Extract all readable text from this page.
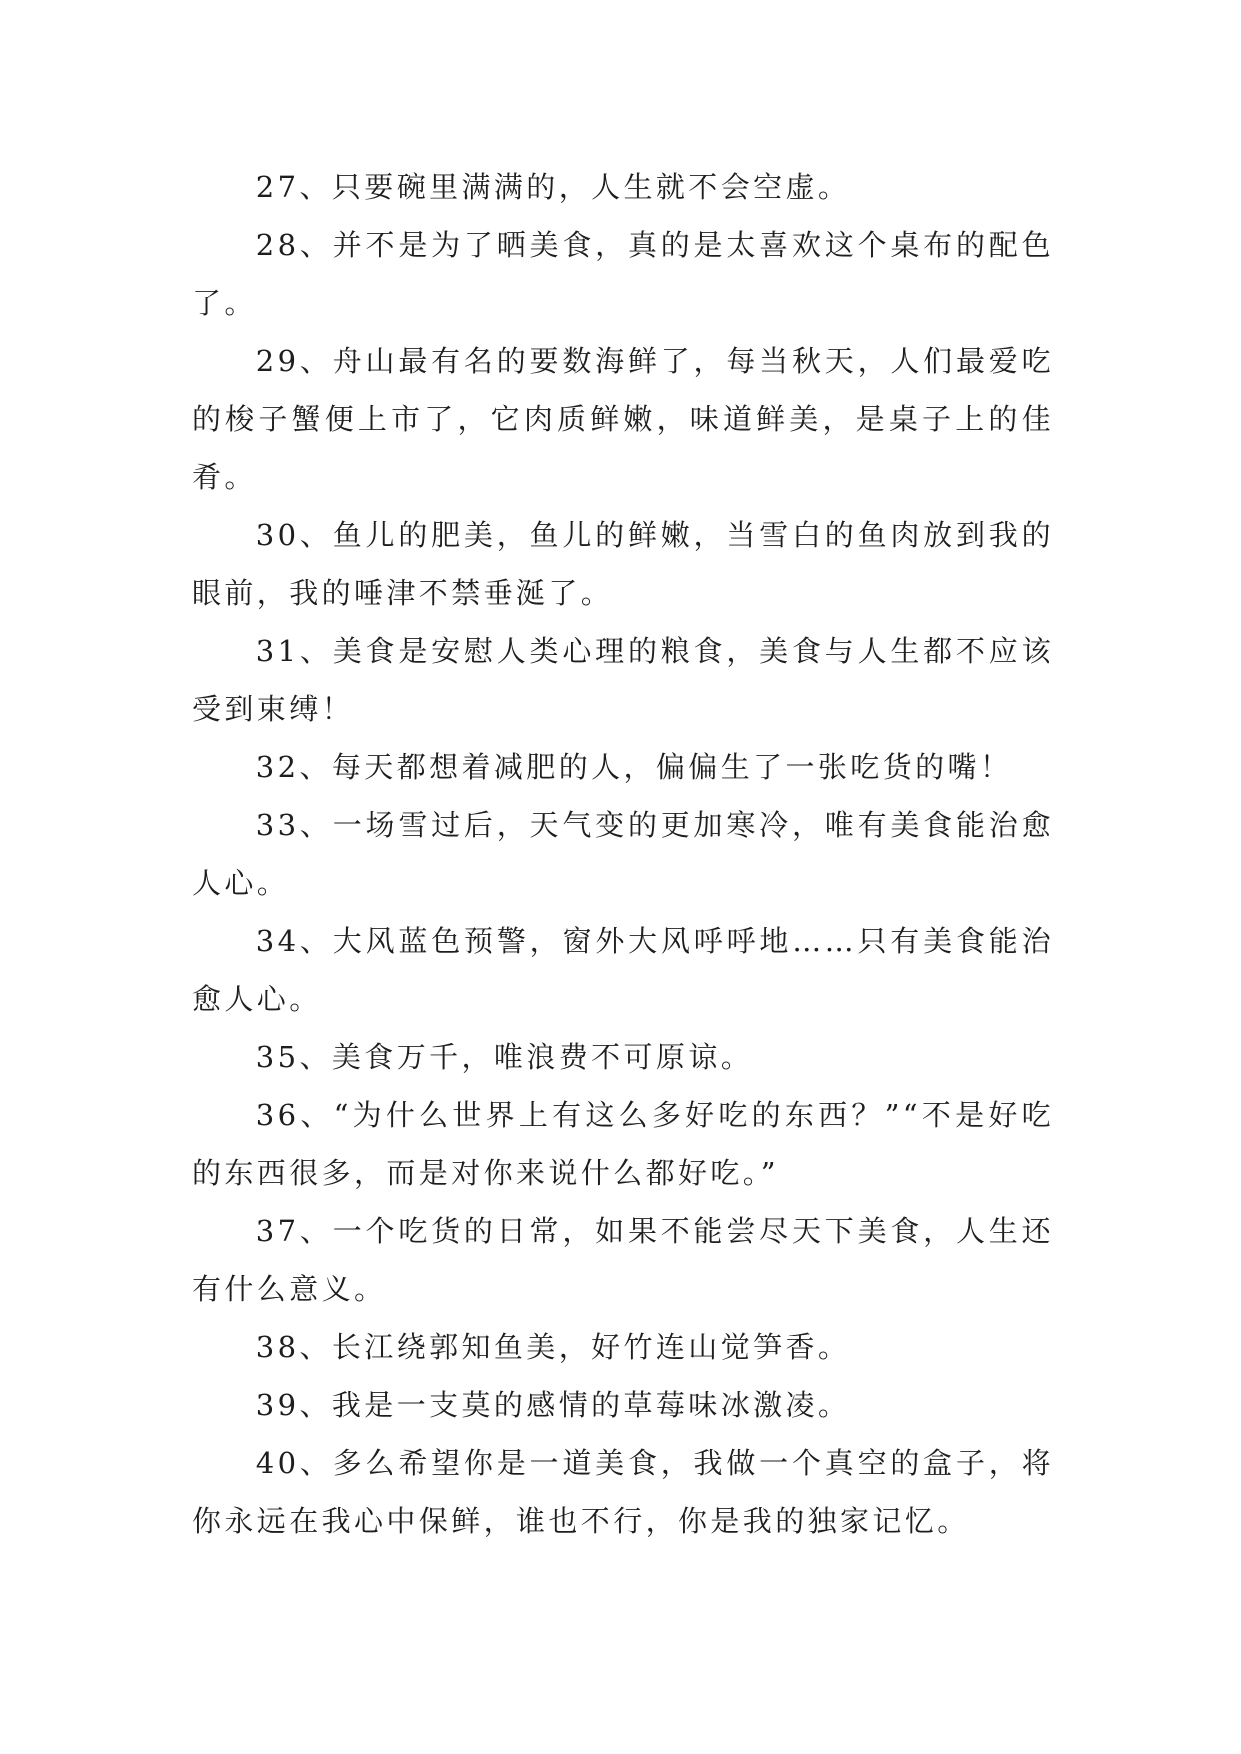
27、只要碗里满满的，人生就不会空虚。

28、并不是为了晒美食，真的是太喜欢这个桌布的配色了。

29、舟山最有名的要数海鲜了，每当秋天，人们最爱吃的梭子蟹便上市了，它肉质鲜嫩，味道鲜美，是桌子上的佳肴。

30、鱼儿的肥美，鱼儿的鲜嫩，当雪白的鱼肉放到我的眼前，我的唾津不禁垂涎了。

31、美食是安慰人类心理的粮食，美食与人生都不应该受到束缚！

32、每天都想着减肥的人，偏偏生了一张吃货的嘴！

33、一场雪过后，天气变的更加寒冷，唯有美食能治愈人心。

34、大风蓝色预警，窗外大风呼呼地……只有美食能治愈人心。

35、美食万千，唯浪费不可原谅。

36、“为什么世界上有这么多好吃的东西？”“不是好吃的东西很多，而是对你来说什么都好吃。”

37、一个吃货的日常，如果不能尝尽天下美食，人生还有什么意义。

38、长江绕郭知鱼美，好竹连山觉笋香。

39、我是一支莫的感情的草莓味冰激凌。

40、多么希望你是一道美食，我做一个真空的盒子，将你永远在我心中保鲜，谁也不行，你是我的独家记忆。
